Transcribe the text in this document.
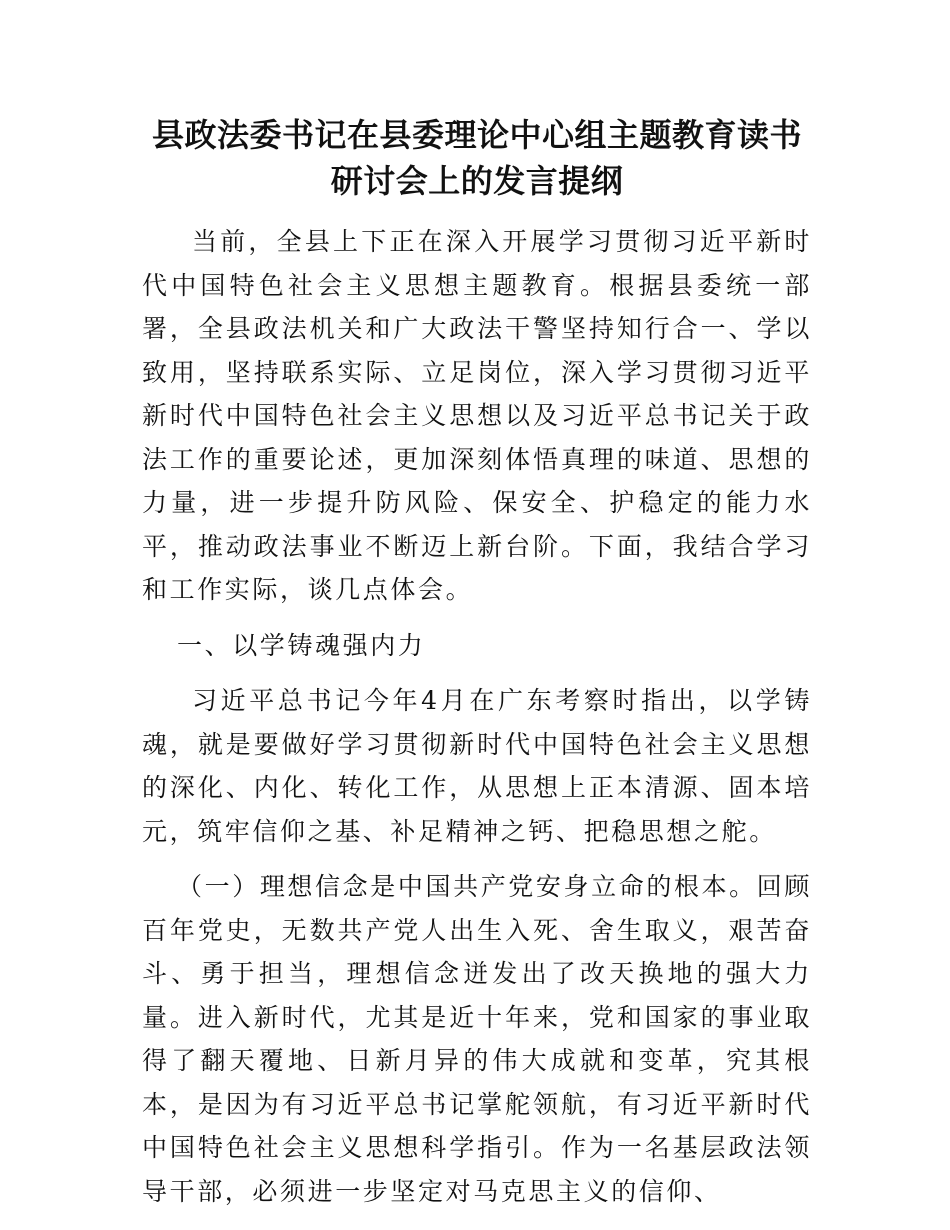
县政法委书记在县委理论中心组主题教育读书
研讨会上的发言提纲

当前，全县上下正在深入开展学习贯彻习近平新时代中国特色社会主义思想主题教育。根据县委统一部署，全县政法机关和广大政法干警坚持知行合一、学以致用，坚持联系实际、立足岗位，深入学习贯彻习近平新时代中国特色社会主义思想以及习近平总书记关于政法工作的重要论述，更加深刻体悟真理的味道、思想的力量，进一步提升防风险、保安全、护稳定的能力水平，推动政法事业不断迈上新台阶。下面，我结合学习和工作实际，谈几点体会。

一、以学铸魂强内力

习近平总书记今年4月在广东考察时指出，以学铸魂，就是要做好学习贯彻新时代中国特色社会主义思想的深化、内化、转化工作，从思想上正本清源、固本培元，筑牢信仰之基、补足精神之钙、把稳思想之舵。

（一）理想信念是中国共产党安身立命的根本。回顾百年党史，无数共产党人出生入死、舍生取义，艰苦奋斗、勇于担当，理想信念迸发出了改天换地的强大力量。进入新时代，尤其是近十年来，党和国家的事业取得了翻天覆地、日新月异的伟大成就和变革，究其根本，是因为有习近平总书记掌舵领航，有习近平新时代中国特色社会主义思想科学指引。作为一名基层政法领导干部，必须进一步坚定对马克思主义的信仰、
